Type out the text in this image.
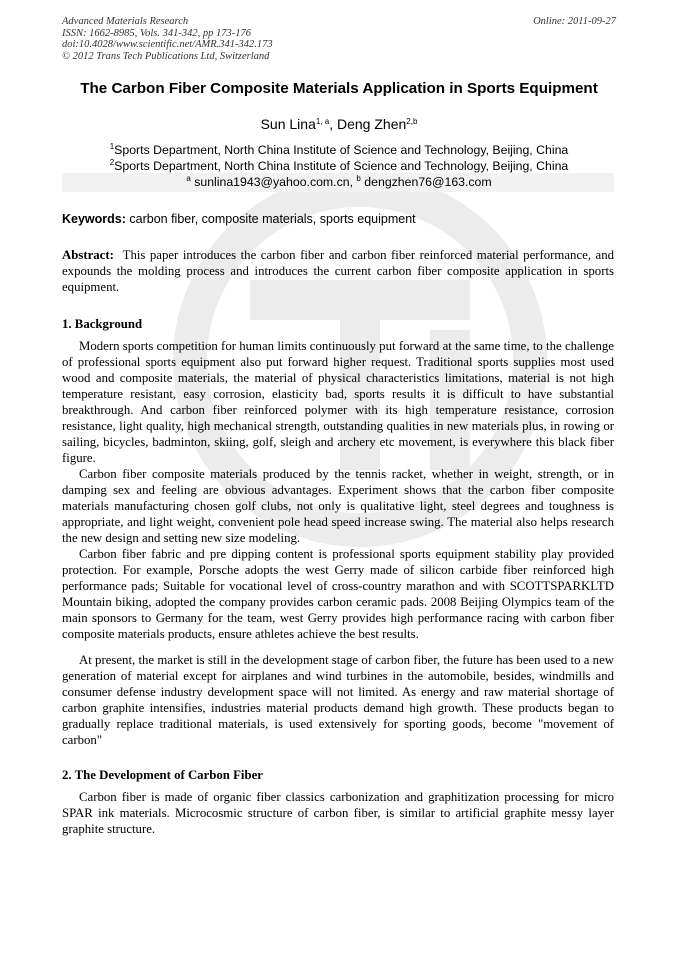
Advanced Materials Research
ISSN: 1662-8985, Vols. 341-342, pp 173-176
doi:10.4028/www.scientific.net/AMR.341-342.173
© 2012 Trans Tech Publications Ltd, Switzerland
Online: 2011-09-27
The Carbon Fiber Composite Materials Application in Sports Equipment
Sun Lina$^{1, a}$, Deng Zhen$^{2,b}$
$^1$Sports Department, North China Institute of Science and Technology, Beijing, China
$^2$Sports Department, North China Institute of Science and Technology, Beijing, China
$^a$ sunlina1943@yahoo.com.cn, $^b$ dengzhen76@163.com
Keywords: carbon fiber, composite materials, sports equipment

Abstract: This paper introduces the carbon fiber and carbon fiber reinforced material performance, and expounds the molding process and introduces the current carbon fiber composite application in sports equipment.

1. Background

Modern sports competition for human limits continuously put forward at the same time, to the challenge of professional sports equipment also put forward higher request. Traditional sports supplies most used wood and composite materials, the material of physical characteristics limitations, material is not high temperature resistant, easy corrosion, elasticity bad, sports results it is difficult to have substantial breakthrough. And carbon fiber reinforced polymer with its high temperature resistance, corrosion resistance, light quality, high mechanical strength, outstanding qualities in new materials plus, in rowing or sailing, bicycles, badminton, skiing, golf, sleigh and archery etc movement, is everywhere this black fiber figure.

Carbon fiber composite materials produced by the tennis racket, whether in weight, strength, or in damping sex and feeling are obvious advantages. Experiment shows that the carbon fiber composite materials manufacturing chosen golf clubs, not only is qualitative light, steel degrees and toughness is appropriate, and light weight, convenient pole head speed increase swing. The material also helps research the new design and setting new size modeling.

Carbon fiber fabric and pre dipping content is professional sports equipment stability play provided protection. For example, Porsche adopts the west Gerry made of silicon carbide fiber reinforced high performance pads; Suitable for vocational level of cross-country marathon and with SCOTTSPARKLTD Mountain biking, adopted the company provides carbon ceramic pads. 2008 Beijing Olympics team of the main sponsors to Germany for the team, west Gerry provides high performance racing with carbon fiber composite materials products, ensure athletes achieve the best results.

At present, the market is still in the development stage of carbon fiber, the future has been used to a new generation of material except for airplanes and wind turbines in the automobile, besides, windmills and consumer defense industry development space will not limited. As energy and raw material shortage of carbon graphite intensifies, industries material products demand high growth. These products began to gradually replace traditional materials, is used extensively for sporting goods, become "movement of carbon"

2. The Development of Carbon Fiber

Carbon fiber is made of organic fiber classics carbonization and graphitization processing for micro SPAR ink materials. Microcosmic structure of carbon fiber, is similar to artificial graphite messy layer graphite structure.
